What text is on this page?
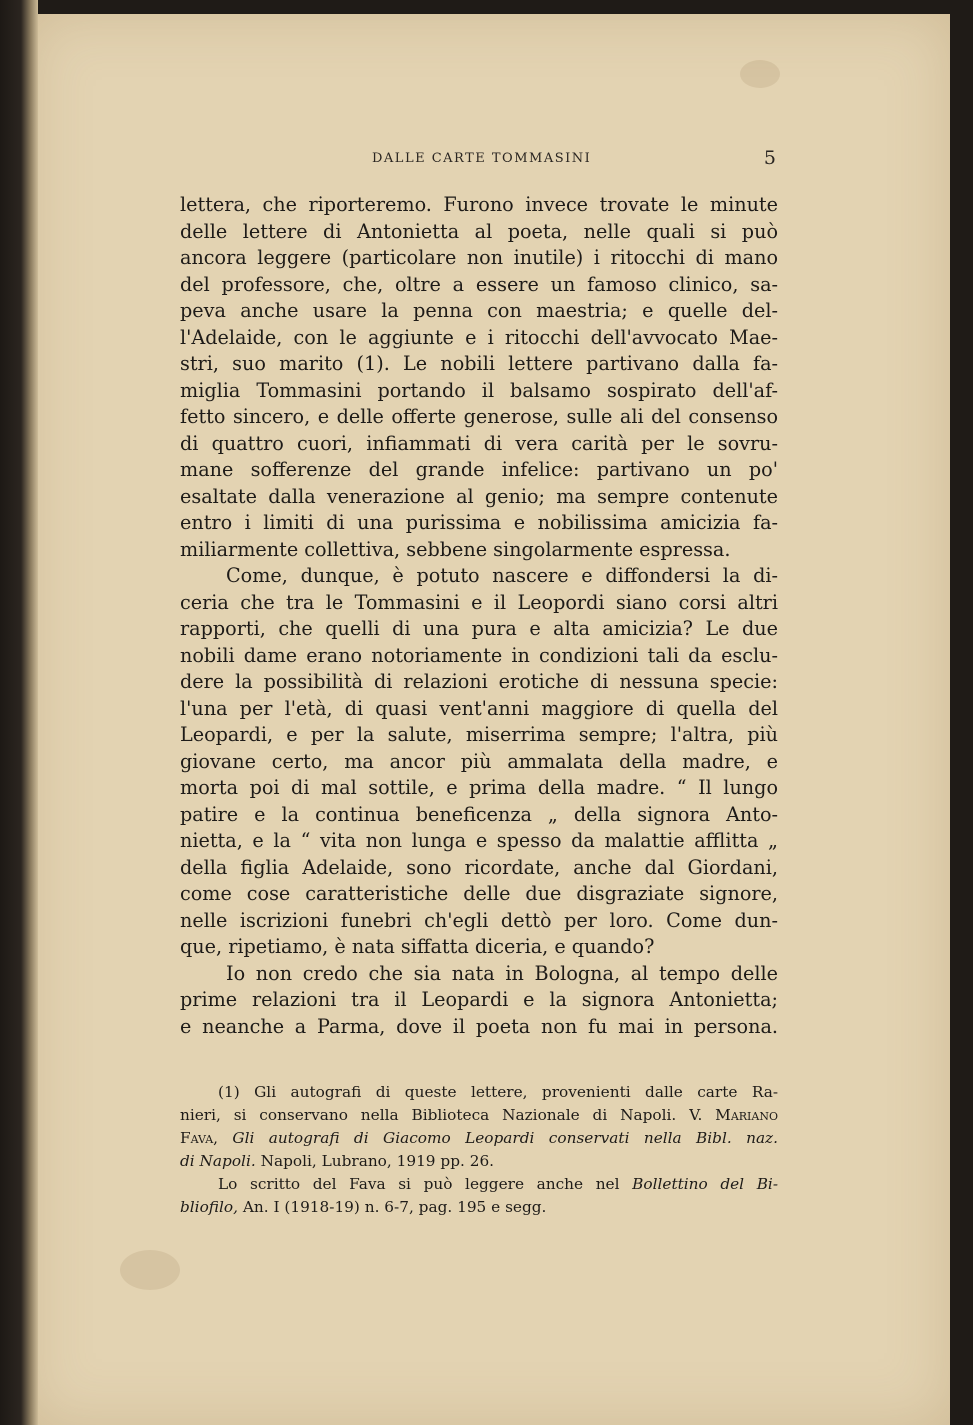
DALLE CARTE TOMMASINI	5
lettera, che riporteremo. Furono invece trovate le minute
delle lettere di Antonietta al poeta, nelle quali si può
ancora leggere (particolare non inutile) i ritocchi di mano
del professore, che, oltre a essere un famoso clinico, sa-
peva anche usare la penna con maestria; e quelle del-
l'Adelaide, con le aggiunte e i ritocchi dell'avvocato Mae-
stri, suo marito (1). Le nobili lettere partivano dalla fa-
miglia Tommasini portando il balsamo sospirato dell'af-
fetto sincero, e delle offerte generose, sulle ali del consenso
di quattro cuori, infiammati di vera carità per le sovru-
mane sofferenze del grande infelice: partivano un po'
esaltate dalla venerazione al genio; ma sempre contenute
entro i limiti di una purissima e nobilissima amicizia fa-
miliarmente collettiva, sebbene singolarmente espressa.
Come, dunque, è potuto nascere e diffondersi la di-
ceria che tra le Tommasini e il Leopordi siano corsi altri
rapporti, che quelli di una pura e alta amicizia? Le due
nobili dame erano notoriamente in condizioni tali da esclu-
dere la possibilità di relazioni erotiche di nessuna specie:
l'una per l'età, di quasi vent'anni maggiore di quella del
Leopardi, e per la salute, miserrima sempre; l'altra, più
giovane certo, ma ancor più ammalata della madre, e
morta poi di mal sottile, e prima della madre. “ Il lungo
patire e la continua beneficenza „ della signora Anto-
nietta, e la “ vita non lunga e spesso da malattie afflitta „
della figlia Adelaide, sono ricordate, anche dal Giordani,
come cose caratteristiche delle due disgraziate signore,
nelle iscrizioni funebri ch'egli dettò per loro. Come dun-
que, ripetiamo, è nata siffatta diceria, e quando?
Io non credo che sia nata in Bologna, al tempo delle
prime relazioni tra il Leopardi e la signora Antonietta;
e neanche a Parma, dove il poeta non fu mai in persona.
(1) Gli autografi di queste lettere, provenienti dalle carte Ra-
nieri, si conservano nella Biblioteca Nazionale di Napoli. V. Mariano
Fava, Gli autografi di Giacomo Leopardi conservati nella Bibl. naz.
di Napoli. Napoli, Lubrano, 1919 pp. 26.
Lo scritto del Fava si può leggere anche nel Bollettino del Bi-
bliofilo, An. I (1918-19) n. 6-7, pag. 195 e segg.
